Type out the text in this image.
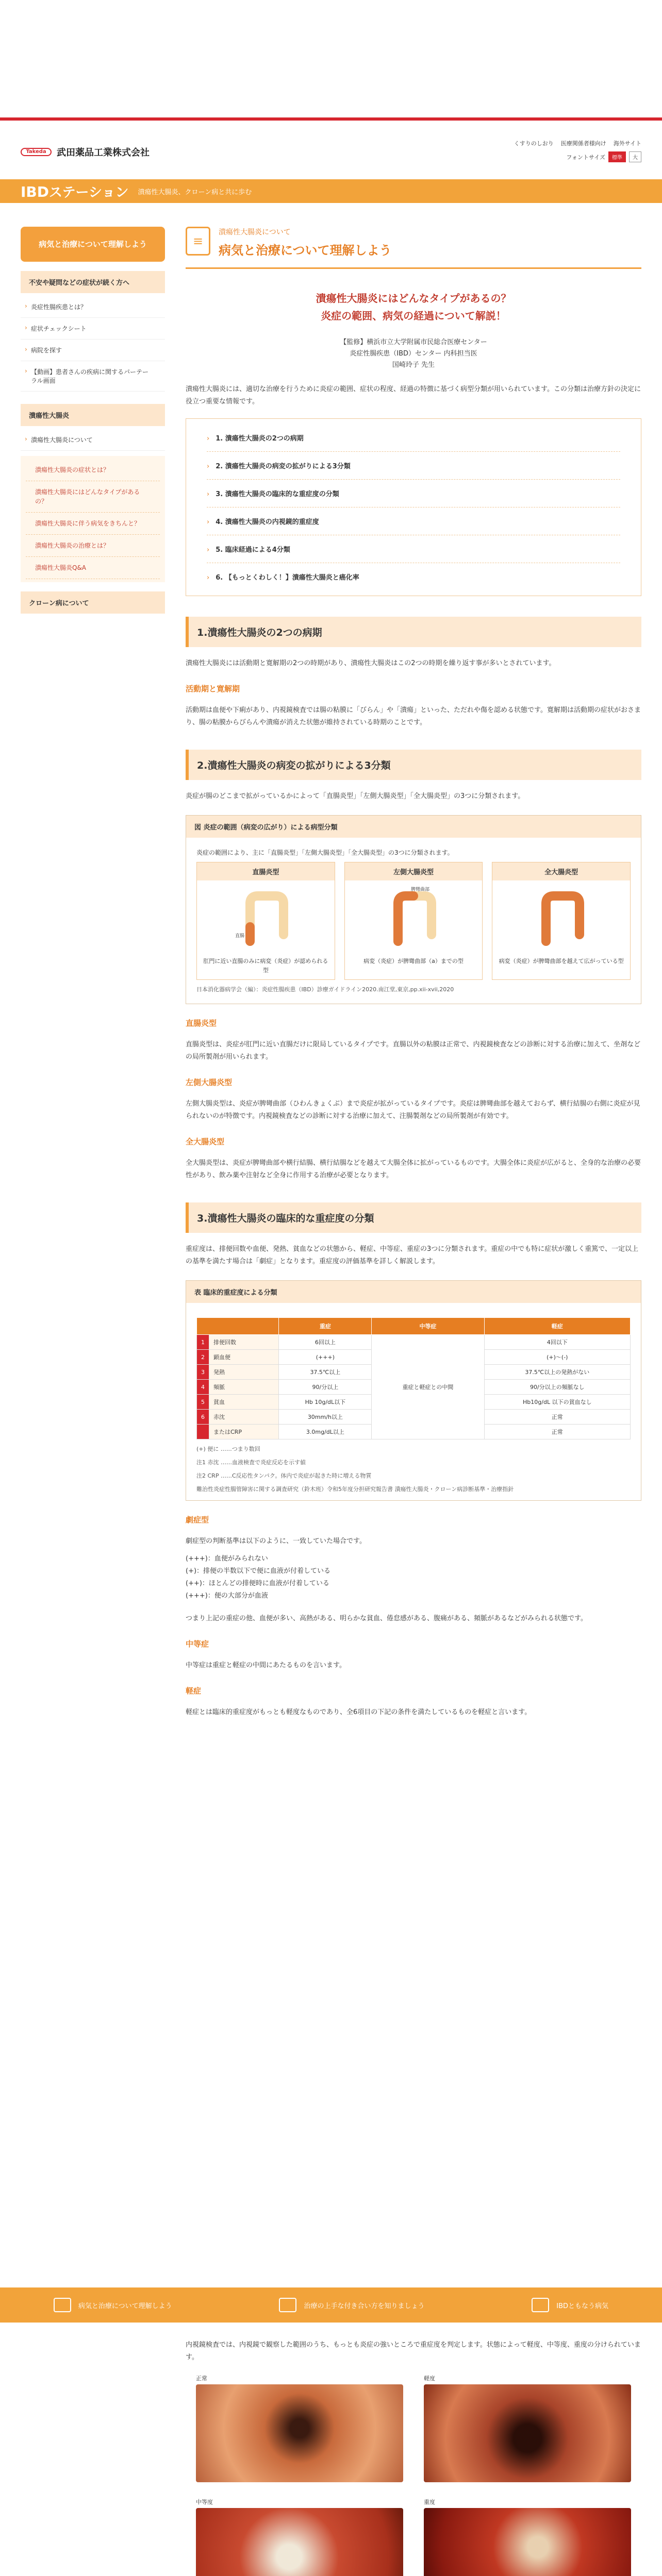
Takeda	武田薬品工業株式会社
くすりのしおり 医療関係者様向け 海外サイト
フォントサイズ	標準	大
IBDステーション 潰瘍性大腸炎、クローン病と共に歩む
病気と治療について理解しよう
不安や疑問などの症状が続く方へ
› 炎症性腸疾患とは？
› 症状チェックシート
› 病院を探す
› 【動画】患者さんの疾病に関するパーテーラル画面
潰瘍性大腸炎
› 潰瘍性大腸炎について
潰瘍性大腸炎の症状とは？
潰瘍性大腸炎にはどんなタイプがあるの？
潰瘍性大腸炎に伴う病気をきちんと？
潰瘍性大腸炎の治療とは？
潰瘍性大腸炎Q&A
クローン病について
≡
潰瘍性大腸炎について
病気と治療について理解しよう
潰瘍性大腸炎にはどんなタイプがあるの？
炎症の範囲、病気の経過について解説！
【監修】横浜市立大学附属市民総合医療センター
炎症性腸疾患（IBD）センター 内科担当医
国崎玲子 先生
潰瘍性大腸炎には、適切な治療を行うために炎症の範囲、症状の程度、経過の特徴に基づく病型分類が用いられています。この分類は治療方針の決定に役立つ重要な情報です。
› 1. 潰瘍性大腸炎の2つの病期
› 2. 潰瘍性大腸炎の病変の拡がりによる3分類
› 3. 潰瘍性大腸炎の臨床的な重症度の分類
› 4. 潰瘍性大腸炎の内視鏡的重症度
› 5. 臨床経過による4分類
› 6. 【もっとくわしく！】潰瘍性大腸炎と癌化率
1.潰瘍性大腸炎の2つの病期
潰瘍性大腸炎には活動期と寛解期の2つの時期があり、潰瘍性大腸炎はこの2つの時期を繰り返す事が多いとされています。
活動期と寛解期
活動期は血便や下痢があり、内視鏡検査では腸の粘膜に「びらん」や「潰瘍」といった、ただれや傷を認める状態です。寛解期は活動期の症状がおさまり、腸の粘膜からびらんや潰瘍が消えた状態が維持されている時期のことです。
2.潰瘍性大腸炎の病変の拡がりによる3分類
炎症が腸のどこまで拡がっているかによって「直腸炎型」「左側大腸炎型」「全大腸炎型」の3つに分類されます。
図 炎症の範囲（病変の広がり）による病型分類
炎症の範囲により、主に「直腸炎型」「左側大腸炎型」「全大腸炎型」の3つに分類されます。
直腸炎型
直腸
肛門に近い直腸のみに病変（炎症）が認められる型
左側大腸炎型
脾彎曲部
病変（炎症）が脾彎曲部（a）までの型
全大腸炎型
病変（炎症）が脾彎曲部を越えて広がっている型
日本消化器病学会（編）：炎症性腸疾患（IBD）診療ガイドライン2020.南江堂,東京,pp.xii-xvii,2020
直腸炎型
直腸炎型は、炎症が肛門に近い直腸だけに限局しているタイプです。直腸以外の粘膜は正常で、内視鏡検査などの診断に対する治療に加えて、坐剤などの局所製剤が用いられます。
左側大腸炎型
左側大腸炎型は、炎症が脾彎曲部（ひわんきょくぶ）まで炎症が拡がっているタイプです。炎症は脾彎曲部を越えておらず、横行結腸の右側に炎症が見られないのが特徴です。内視鏡検査などの診断に対する治療に加えて、注腸製剤などの局所製剤が有効です。
全大腸炎型
全大腸炎型は、炎症が脾彎曲部や横行結腸、横行結腸などを越えて大腸全体に拡がっているものです。大腸全体に炎症が広がると、全身的な治療の必要性があり、飲み薬や注射など全身に作用する治療が必要となります。
3.潰瘍性大腸炎の臨床的な重症度の分類
重症度は、排便回数や血便、発熱、貧血などの状態から、軽症、中等症、重症の3つに分類されます。重症の中でも特に症状が激しく重篤で、一定以上の基準を満たす場合は「劇症」となります。重症度の評価基準を詳しく解説します。
表 臨床的重症度による分類
		重症	中等症	軽症
1	排便回数	6回以上	重症と軽症との中間	4回以下
2	顕血便	(+++)		(+)～(-)
3	発熱	37.5℃以上		37.5℃以上の発熱がない
4	頻脈	90/分以上		90/分以上の頻脈なし
5	貧血	Hb 10g/dL以下		Hb10g/dL 以下の貧血なし
6	赤沈	30mm/h以上		正常
	またはCRP	3.0mg/dL以上		正常
(+) 便に ……つまり数回
注1 赤沈 ……血液検査で炎症反応を示す値
注2 CRP ……C反応性タンパク。体内で炎症が起きた時に増える物質
難治性炎症性腸管障害に関する調査研究（鈴木班）令和5年度分担研究報告書 潰瘍性大腸炎・クローン病診断基準・治療指針
劇症型
劇症型の判断基準は以下のように、一致していた場合です。
(+++)：血便がみられない
(+)：排便の半数以下で便に血液が付着している
(++)：ほとんどの排便時に血液が付着している
(+++)：便の大部分が血液
つまり上記の重症の他、血便が多い、高熱がある、明らかな貧血、倦怠感がある、腹痛がある、頻脈があるなどがみられる状態です。
中等症
中等症は重症と軽症の中間にあたるものを言います。
軽症
軽症とは臨床的重症度がもっとも軽度なものであり、全6項目の下記の条件を満たしているものを軽症と言います。
病気と治療について理解しよう	治療の上手な付き合い方を知りましょう	IBDともなう病気
内視鏡検査では、内視鏡で観察した範囲のうち、もっとも炎症の強いところで重症度を判定します。状態によって軽度、中等度、重度の分けられています。
正常	軽度
中等度	重度
